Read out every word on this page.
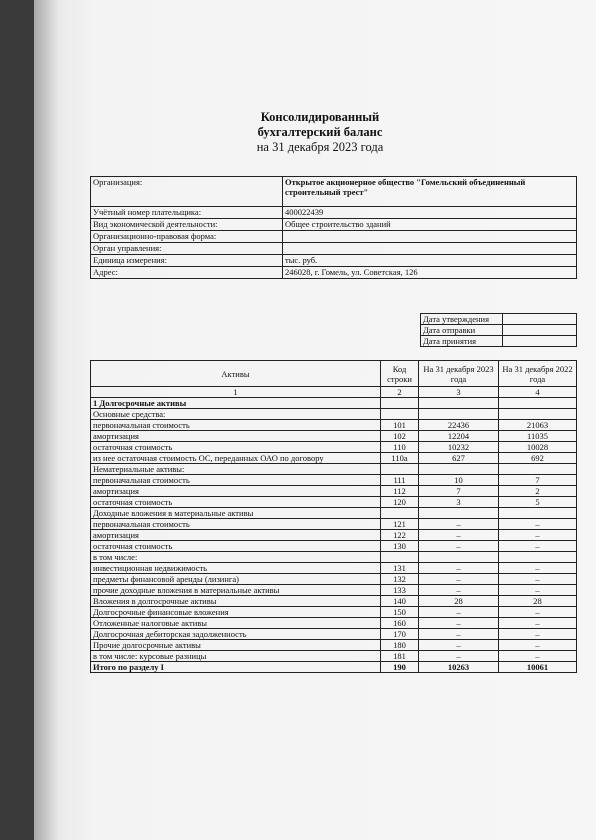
Консолидированный
бухгалтерский баланс
на 31 декабря 2023 года
Организация:	Открытое акционерное общество "Гомельский объединенный строительный трест"
Учётный номер плательщика:	400022439
Вид экономической деятельности:	Общее строительство зданий
Организационно-правовая форма:	
Орган управления:	
Единица измерения:	тыс. руб.
Адрес:	246028, г. Гомель, ул. Советская, 126
Дата утверждения	
Дата отправки	
Дата принятия	
Активы	Код строки	На 31 декабря 2023 года	На 31 декабря 2022 года
1	2	3	4
1 Долгосрочные активы			
Основные средства:			
первоначальная стоимость	101	22436	21063
амортизация	102	12204	11035
остаточная стоимость	110	10232	10028
из нее остаточная стоимость ОС, переданных ОАО по договору	110а	627	692
Нематериальные активы:			
первоначальная стоимость	111	10	7
амортизация	112	7	2
остаточная стоимость	120	3	5
Доходные вложения в материальные активы			
первоначальная стоимость	121	–	–
амортизация	122	–	–
остаточная стоимость	130	–	–
в том числе:			
инвестиционная недвижимость	131	–	–
предметы финансовой аренды (лизинга)	132	–	–
прочие доходные вложения в материальные активы	133	–	–
Вложения в долгосрочные активы	140	28	28
Долгосрочные финансовые вложения	150	–	–
Отложенные налоговые активы	160	–	–
Долгосрочная дебиторская задолженность	170	–	–
Прочие долгосрочные активы	180	–	–
в том числе: курсовые разницы	181	–	–
Итого по разделу I	190	10263	10061
